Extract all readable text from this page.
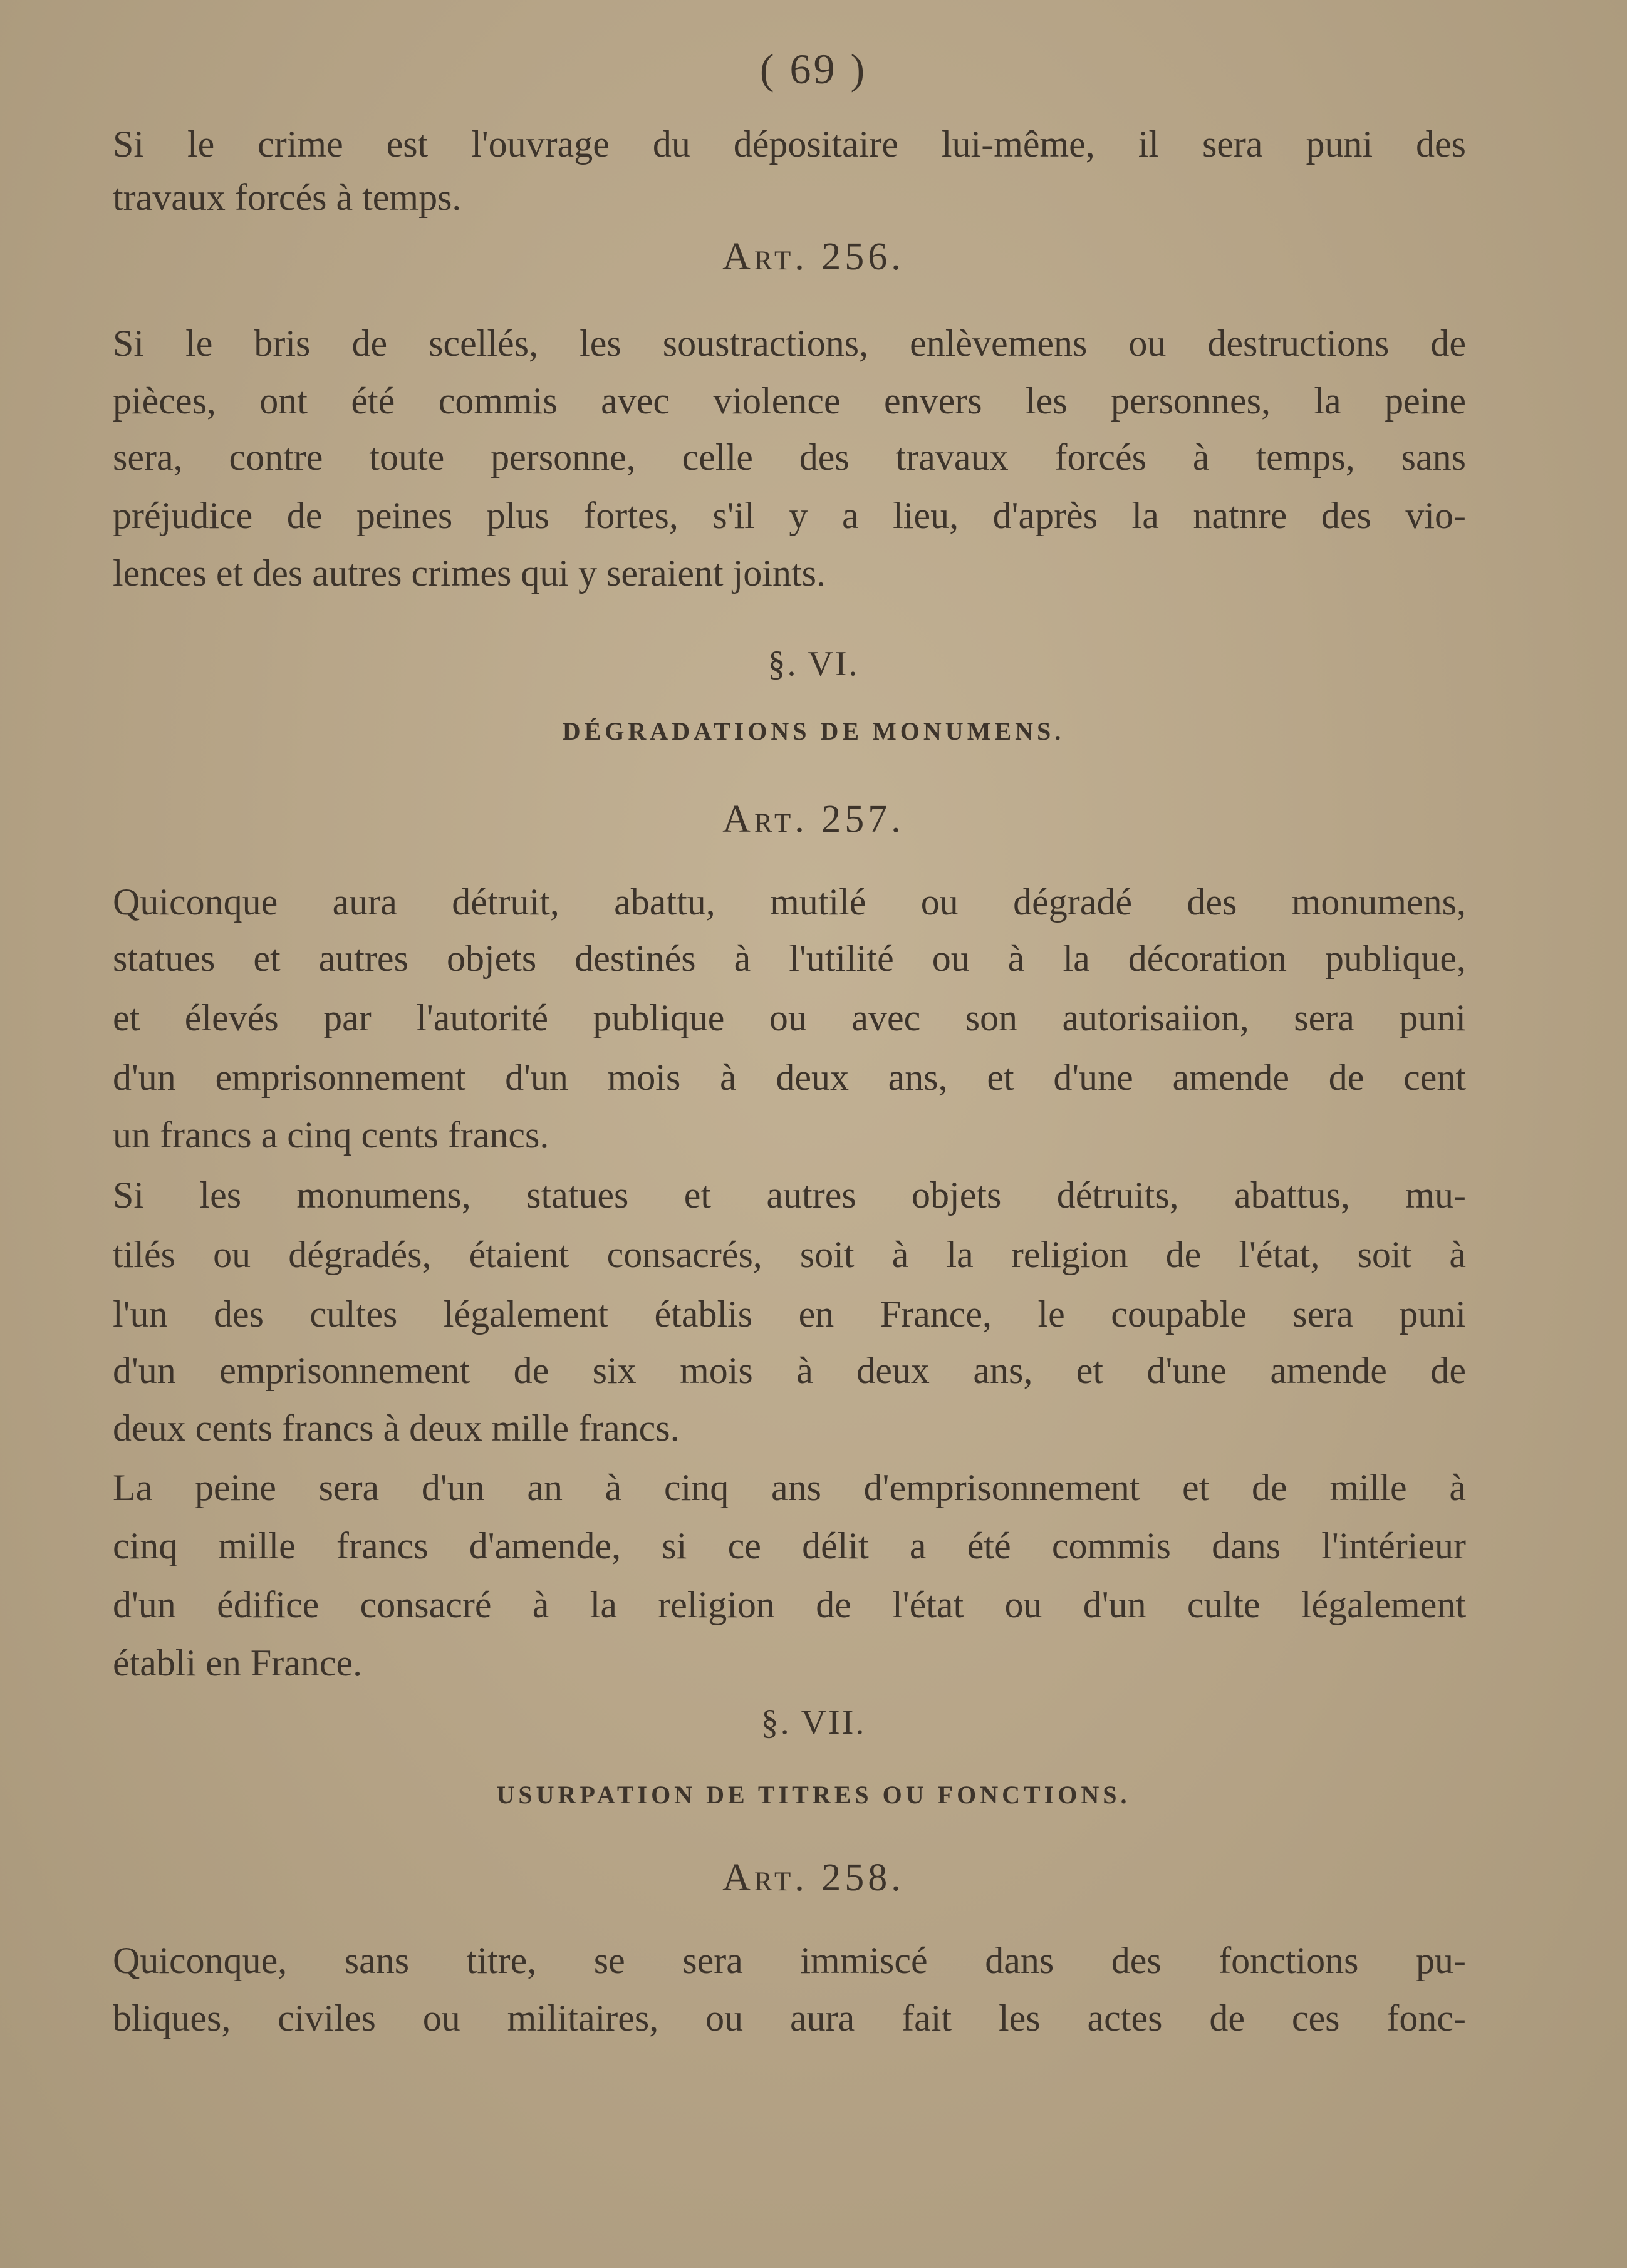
( 69 )
Si le crime est l'ouvrage du dépositaire lui-même, il sera puni des
travaux forcés à temps.
Art. 256.
Si le bris de scellés, les soustractions, enlèvemens ou destructions de
pièces, ont été commis avec violence envers les personnes, la peine
sera, contre toute personne, celle des travaux forcés à temps, sans
préjudice de peines plus fortes, s'il y a lieu, d'après la natnre des vio-
lences et des autres crimes qui y seraient joints.
§. VI.
DÉGRADATIONS DE MONUMENS.
Art. 257.
Quiconque aura détruit, abattu, mutilé ou dégradé des monumens,
statues et autres objets destinés à l'utilité ou à la décoration publique,
et élevés par l'autorité publique ou avec son autorisaiion, sera puni
d'un emprisonnement d'un mois à deux ans, et d'une amende de cent
un francs a cinq cents francs.
Si les monumens, statues et autres objets détruits, abattus, mu-
tilés ou dégradés, étaient consacrés, soit à la religion de l'état, soit à
l'un des cultes légalement établis en France, le coupable sera puni
d'un emprisonnement de six mois à deux ans, et d'une amende de
deux cents francs à deux mille francs.
La peine sera d'un an à cinq ans d'emprisonnement et de mille à
cinq mille francs d'amende, si ce délit a été commis dans l'intérieur
d'un édifice consacré à la religion de l'état ou d'un culte légalement
établi en France.
§. VII.
USURPATION DE TITRES OU FONCTIONS.
Art. 258.
Quiconque, sans titre, se sera immiscé dans des fonctions pu-
bliques, civiles ou militaires, ou aura fait les actes de ces fonc-
